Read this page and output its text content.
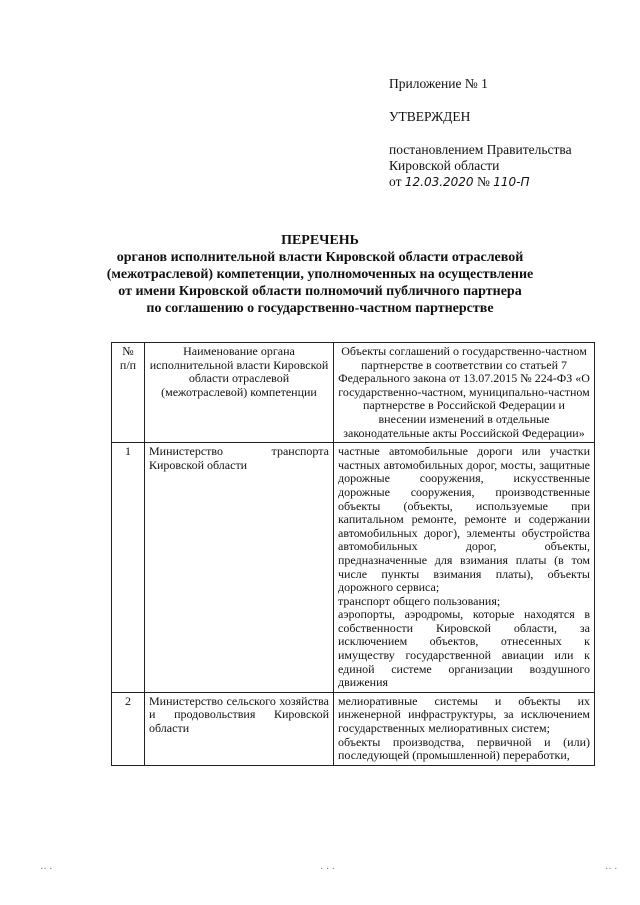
Приложение № 1
УТВЕРЖДЕН
постановлением Правительства
Кировской области
от 12.03.2020 № 110-П
ПЕРЕЧЕНЬ
органов исполнительной власти Кировской области отраслевой
(межотраслевой) компетенции, уполномоченных на осуществление
от имени Кировской области полномочий публичного партнера
по соглашению о государственно-частном партнерстве
№ п/п	Наименование органа исполнительной власти Кировской области отраслевой (межотраслевой) компетенции	Объекты соглашений о государственно-частном партнерстве в соответствии со статьей 7 Федерального закона от 13.07.2015 № 224-ФЗ «О государственно-частном, муниципально-частном партнерстве в Российской Федерации и внесении изменений в отдельные законодательные акты Российской Федерации»
1	Министерство транспорта Кировской области	частные автомобильные дороги или участки частных автомобильных дорог, мосты, защитные дорожные сооружения, искусственные дорожные сооружения, производственные объекты (объекты, используемые при капитальном ремонте, ремонте и содержании автомобильных дорог), элементы обустройства автомобильных дорог, объекты, предназначенные для взимания платы (в том числе пункты взимания платы), объекты дорожного сервиса;
транспорт общего пользования;
аэропорты, аэродромы, которые находятся в собственности Кировской области, за исключением объектов, отнесенных к имуществу государственной авиации или к единой системе организации воздушного движения

2	Министерство сельского хозяйства и продовольствия Кировской области	мелиоративные системы и объекты их инженерной инфраструктуры, за исключением государственных мелиоративных систем;
объекты производства, первичной и (или) последующей (промышленной) переработки,
·· ·	· · ·	·· ·
